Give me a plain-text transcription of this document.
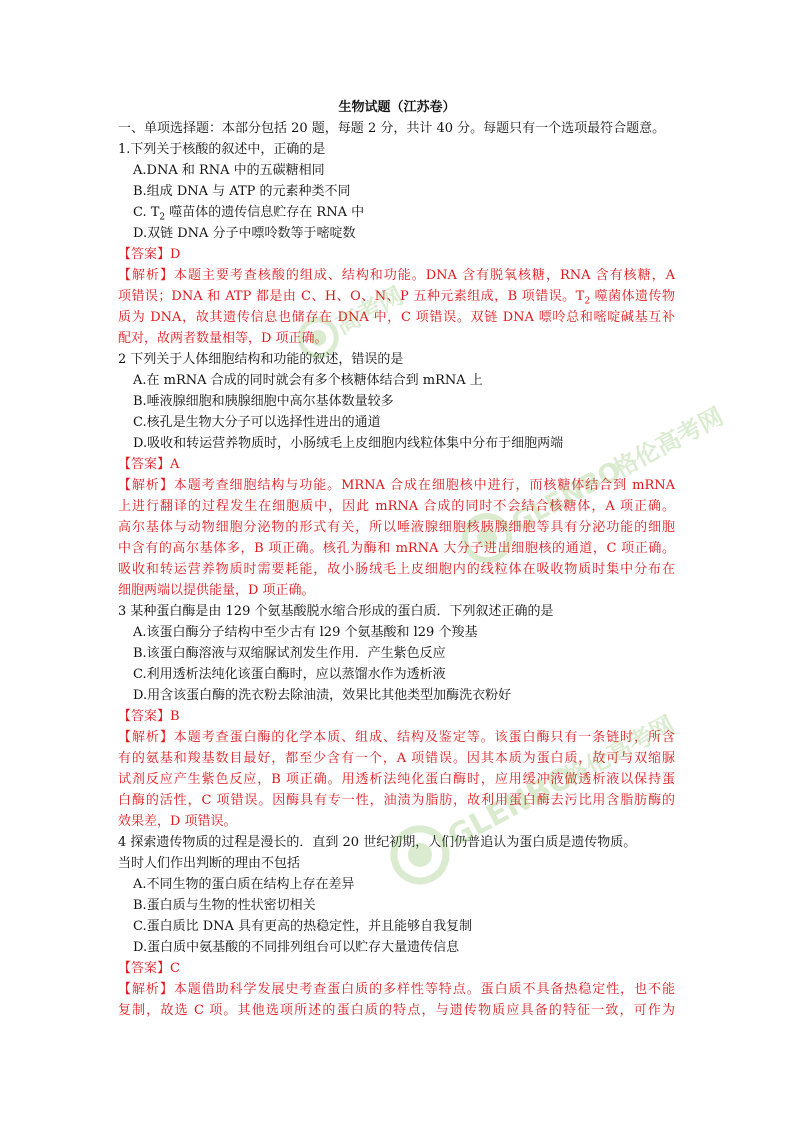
生物试题（江苏卷）

一、单项选择题：本部分包括 20 题，每题 2 分，共计 40 分。每题只有一个选项最符合题意。

1.下列关于核酸的叙述中，正确的是

A.DNA 和 RNA 中的五碳糖相同

B.组成 DNA 与 ATP 的元素种类不同

C. $T_2$ 噬苗体的遗传信息贮存在 RNA 中

D.双链 DNA 分子中嘌呤数等于嘧啶数

【答案】D

【解析】本题主要考查核酸的组成、结构和功能。DNA 含有脱氧核糖，RNA 含有核糖，A

项错误；DNA 和 ATP 都是由 C、H、O、N、P 五种元素组成，B 项错误。$T_2$ 噬菌体遗传物

质为 DNA，故其遗传信息也储存在 DNA 中，C 项错误。双链 DNA 嘌呤总和嘧啶碱基互补

配对，故两者数量相等，D 项正确。

2 下列关于人体细胞结构和功能的叙述，错误的是

A.在 mRNA 合成的同时就会有多个核糖体结合到 mRNA 上

B.唾液腺细胞和胰腺细胞中高尔基体数量较多

C.核孔是生物大分子可以选择性进出的通道

D.吸收和转运营养物质时，小肠绒毛上皮细胞内线粒体集中分布于细胞两端

【答案】A

【解析】本题考查细胞结构与功能。MRNA 合成在细胞核中进行，而核糖体结合到 mRNA

上进行翻译的过程发生在细胞质中，因此 mRNA 合成的同时不会结合核糖体，A 项正确。

高尔基体与动物细胞分泌物的形式有关，所以唾液腺细胞核胰腺细胞等具有分泌功能的细胞

中含有的高尔基体多，B 项正确。核孔为酶和 mRNA 大分子进出细胞核的通道，C 项正确。

吸收和转运营养物质时需要耗能，故小肠绒毛上皮细胞内的线粒体在吸收物质时集中分布在

细胞两端以提供能量，D 项正确。

3 某种蛋白酶是由 129 个氨基酸脱水缩合形成的蛋白质．下列叙述正确的是

A.该蛋白酶分子结构中至少古有 l29 个氨基酸和 l29 个羧基

B.该蛋白酶溶液与双缩脲试剂发生作用．产生紫色反应

C.利用透析法纯化该蛋白酶时，应以蒸馏水作为透析液

D.用含该蛋白酶的洗衣粉去除油渍，效果比其他类型加酶洗衣粉好

【答案】B

【解析】本题考查蛋白酶的化学本质、组成、结构及鉴定等。该蛋白酶只有一条链时，所含

有的氨基和羧基数目最好，都至少含有一个，A 项错误。因其本质为蛋白质，故可与双缩脲

试剂反应产生紫色反应，B 项正确。用透析法纯化蛋白酶时，应用缓冲液做透析液以保持蛋

白酶的活性，C 项错误。因酶具有专一性，油渍为脂肪，故利用蛋白酶去污比用含脂肪酶的

效果差，D 项错误。

4 探索遗传物质的过程是漫长的．直到 20 世纪初期，人们仍普追认为蛋白质是遗传物质。

当时人们作出判断的理由不包括

A.不同生物的蛋白质在结构上存在差异

B.蛋白质与生物的性状密切相关

C.蛋白质比 DNA 具有更高的热稳定性，并且能够自我复制

D.蛋白质中氨基酸的不同排列组台可以贮存大量遗传信息

【答案】C

【解析】本题借助科学发展史考查蛋白质的多样性等特点。蛋白质不具备热稳定性，也不能

复制，故选 C 项。其他选项所述的蛋白质的特点，与遗传物质应具备的特征一致，可作为

高考网
GLENBO
格伦高考网
GLENBO
格伦高考网
